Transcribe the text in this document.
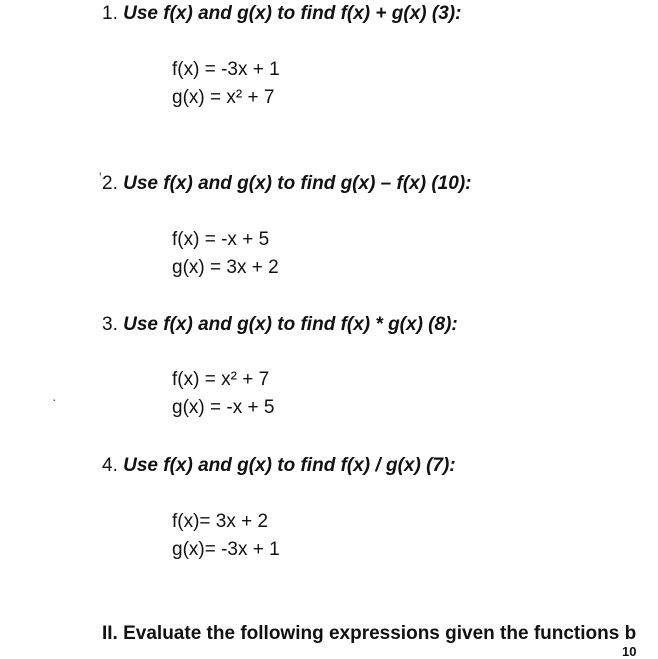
1. Use f(x) and g(x) to find f(x) + g(x) (3):
f(x) = -3x + 1
g(x) = x² + 7
' 2. Use f(x) and g(x) to find g(x) – f(x) (10):
f(x) = -x + 5
g(x) = 3x + 2
3. Use f(x) and g(x) to find f(x) * g(x) (8):
f(x) = x² + 7
g(x) = -x + 5
·
4. Use f(x) and g(x) to find f(x) / g(x) (7):
f(x)= 3x + 2
g(x)= -3x + 1
II. Evaluate the following expressions given the functions b
10
